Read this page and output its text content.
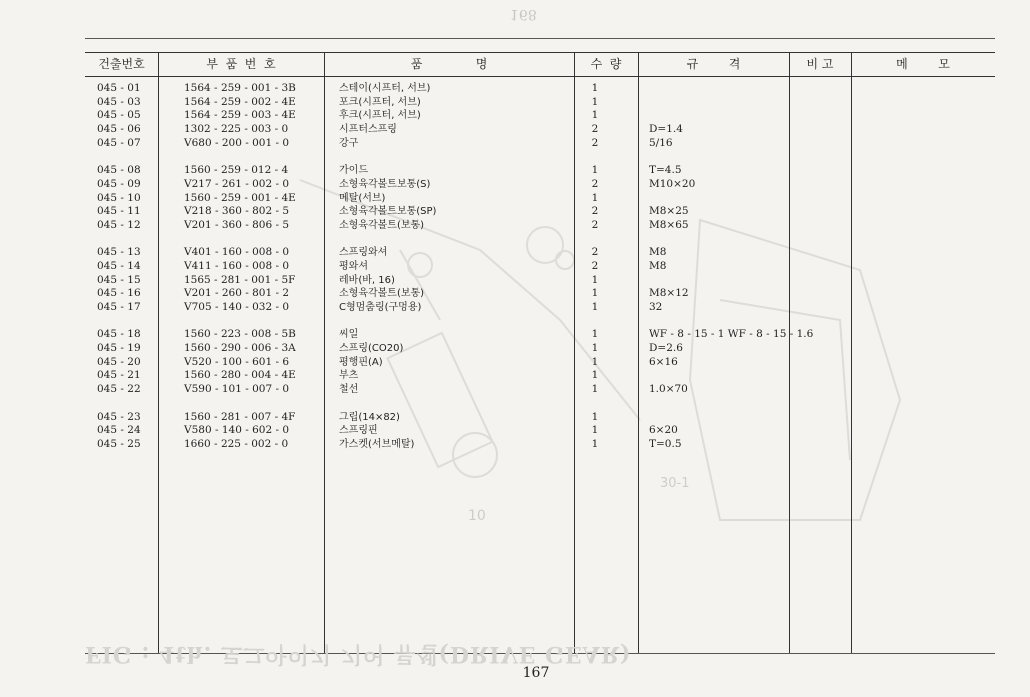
168
30-1
10
건출번호	부  품  번  호	품              명	수  량	규        격	비 고	메        모
045 - 01	1564 - 259 - 001 - 3B	스테이(시프터, 서브)	1
045 - 03	1564 - 259 - 002 - 4E	포크(시프터, 서브)	1
045 - 05	1564 - 259 - 003 - 4E	후크(시프터, 서브)	1
045 - 06	1302 - 225 - 003 - 0	시프터스프링	2	D=1.4
045 - 07	V680 - 200 - 001 - 0	강구	2	5/16
045 - 08	1560 - 259 - 012 - 4	가이드	1	T=4.5
045 - 09	V217 - 261 - 002 - 0	소형육각볼트보통(S)	2	M10×20
045 - 10	1560 - 259 - 001 - 4E	메탈(서브)	1
045 - 11	V218 - 360 - 802 - 5	소형육각볼트보통(SP)	2	M8×25
045 - 12	V201 - 360 - 806 - 5	소형육각볼트(보통)	2	M8×65
045 - 13	V401 - 160 - 008 - 0	스프링와셔	2	M8
045 - 14	V411 - 160 - 008 - 0	평와셔	2	M8
045 - 15	1565 - 281 - 001 - 5F	레바(바, 16)	1
045 - 16	V201 - 260 - 801 - 2	소형육각볼트(보통)	1	M8×12
045 - 17	V705 - 140 - 032 - 0	C형멈춤링(구멍용)	1	32
045 - 18	1560 - 223 - 008 - 5B	씨일	1	WF - 8 - 15 - 1 WF - 8 - 15 - 1.6
045 - 19	1560 - 290 - 006 - 3A	스프링(CO20)	1	D=2.6
045 - 20	V520 - 100 - 601 - 6	평행핀(A)	1	6×16
045 - 21	1560 - 280 - 004 - 4E	부츠	1
045 - 22	V590 - 101 - 007 - 0	철선	1	1.0×70
045 - 23	1560 - 281 - 007 - 4F	그립(14×82)	1
045 - 24	V580 - 140 - 602 - 0	스프링핀	1	6×20
045 - 25	1660 - 225 - 002 - 0	가스켓(서브메탈)	1	T=0.5
FIG : 4th. 로그아이기 기어 류셀(DRIVE GEAR)
167
